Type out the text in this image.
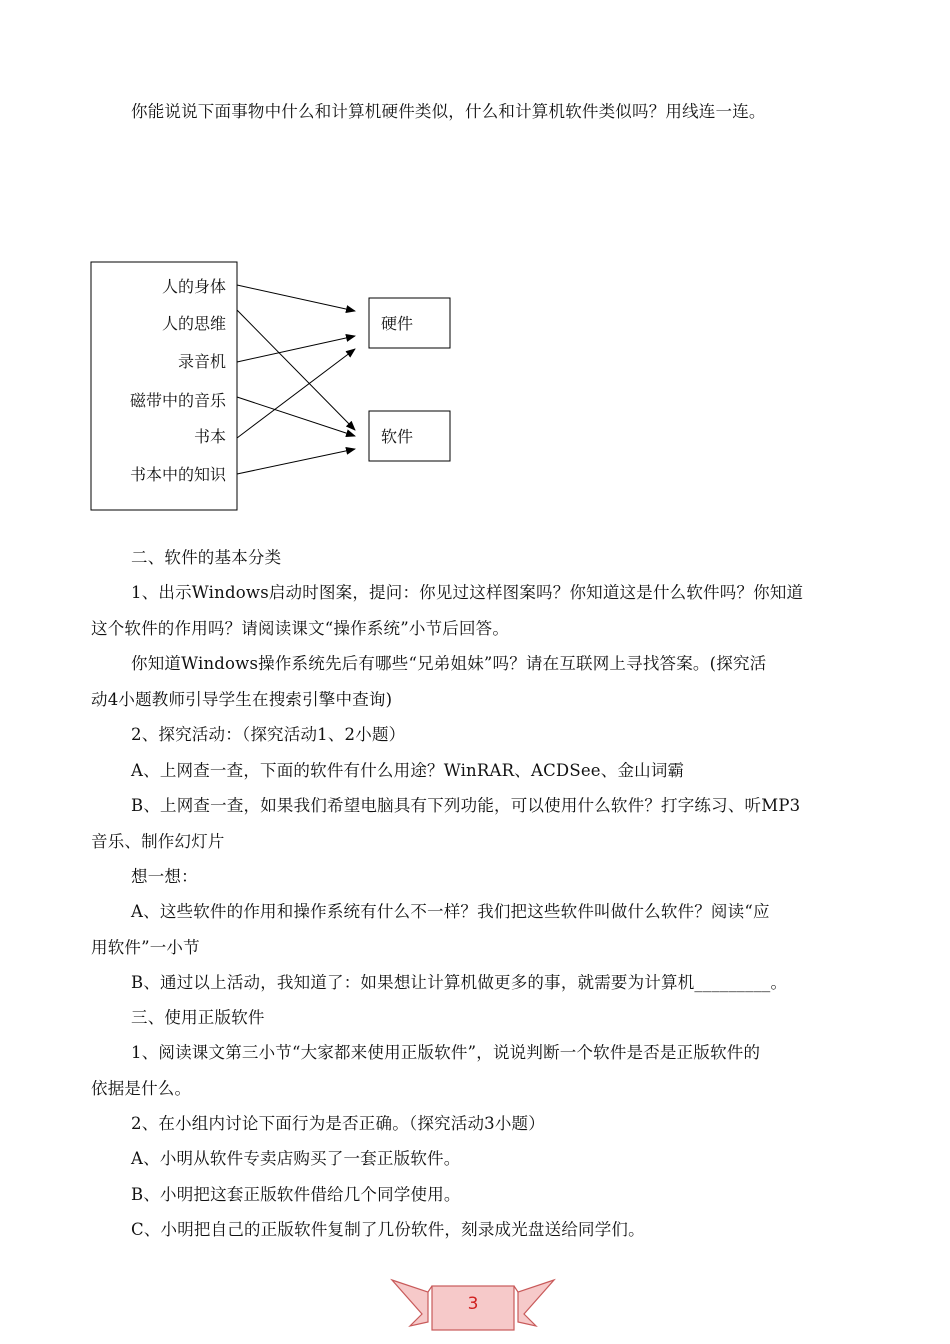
你能说说下面事物中什么和计算机硬件类似，什么和计算机软件类似吗？用线连一连。

人的身体
人的思维
录音机
磁带中的音乐
书本
书本中的知识
硬件
软件

二、软件的基本分类

1、出示Windows启动时图案，提问：你见过这样图案吗？你知道这是什么软件吗？你知道

这个软件的作用吗？请阅读课文“操作系统”小节后回答。

你知道Windows操作系统先后有哪些“兄弟姐妹”吗？请在互联网上寻找答案。(探究活

动4小题教师引导学生在搜索引擎中查询)

2、探究活动：（探究活动1、2小题）

A、上网查一查，下面的软件有什么用途？WinRAR、ACDSee、金山词霸

B、上网查一查，如果我们希望电脑具有下列功能，可以使用什么软件？打字练习、听MP3

音乐、制作幻灯片

想一想：

A、这些软件的作用和操作系统有什么不一样？我们把这些软件叫做什么软件？阅读“应

用软件”一小节

B、通过以上活动，我知道了：如果想让计算机做更多的事，就需要为计算机_________。

三、使用正版软件

1、阅读课文第三小节“大家都来使用正版软件”，说说判断一个软件是否是正版软件的

依据是什么。

2、在小组内讨论下面行为是否正确。（探究活动3小题）

A、小明从软件专卖店购买了一套正版软件。

B、小明把这套正版软件借给几个同学使用。

C、小明把自己的正版软件复制了几份软件，刻录成光盘送给同学们。

3
